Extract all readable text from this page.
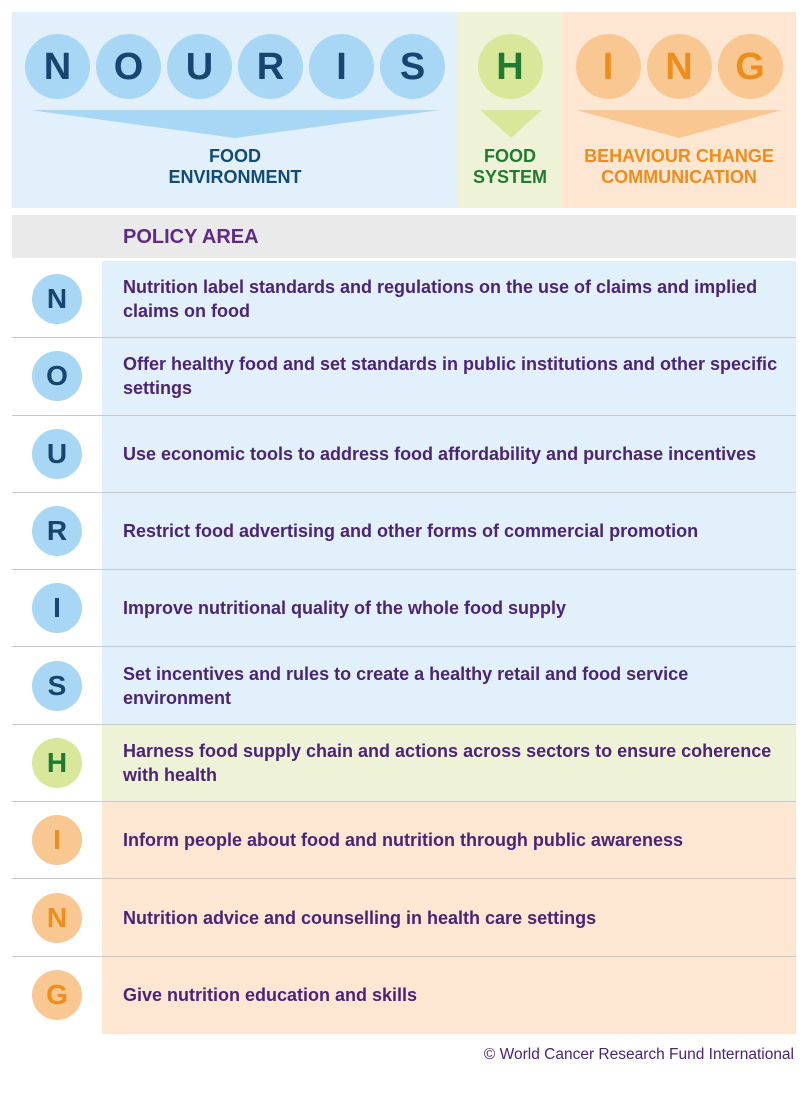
N	O	U	R	I	S
FOOD
ENVIRONMENT
H
FOOD
SYSTEM
I	N	G
BEHAVIOUR CHANGE
COMMUNICATION
POLICY AREA
N	Nutrition label standards and regulations on the use of claims and implied claims on food
O	Offer healthy food and set standards in public institutions and other specific settings
U	Use economic tools to address food affordability and purchase incentives
R	Restrict food advertising and other forms of commercial promotion
I	Improve nutritional quality of the whole food supply
S	Set incentives and rules to create a healthy retail and food service environment
H	Harness food supply chain and actions across sectors to ensure coherence with health
I	Inform people about food and nutrition through public awareness
N	Nutrition advice and counselling in health care settings
G	Give nutrition education and skills
© World Cancer Research Fund International
